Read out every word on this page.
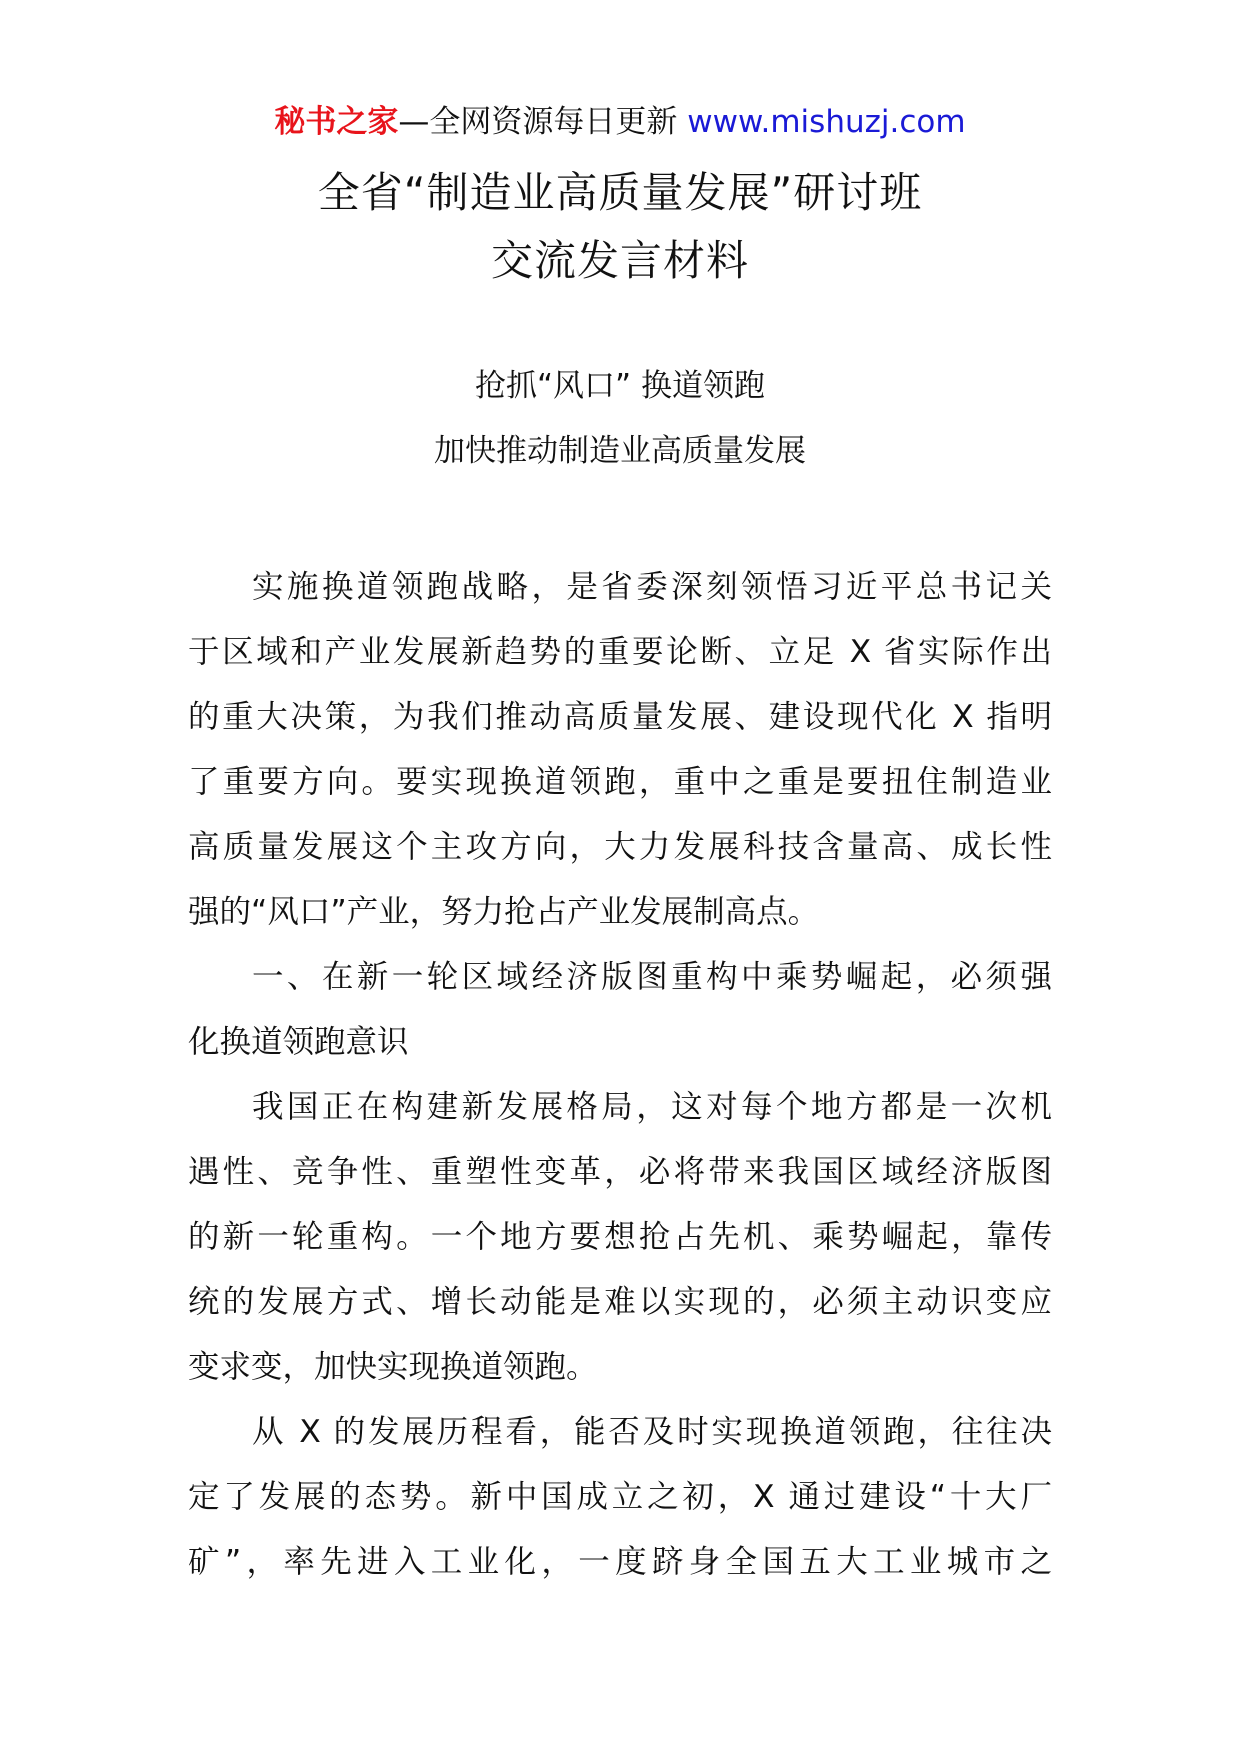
秘书之家—全网资源每日更新 www.mishuzj.com
全省“制造业高质量发展”研讨班
交流发言材料
抢抓“风口” 换道领跑
加快推动制造业高质量发展
实施换道领跑战略，是省委深刻领悟习近平总书记关
于区域和产业发展新趋势的重要论断、立足 X 省实际作出
的重大决策，为我们推动高质量发展、建设现代化 X 指明
了重要方向。要实现换道领跑，重中之重是要扭住制造业
高质量发展这个主攻方向，大力发展科技含量高、成长性
强的“风口”产业，努力抢占产业发展制高点。
一、在新一轮区域经济版图重构中乘势崛起，必须强
化换道领跑意识
我国正在构建新发展格局，这对每个地方都是一次机
遇性、竞争性、重塑性变革，必将带来我国区域经济版图
的新一轮重构。一个地方要想抢占先机、乘势崛起，靠传
统的发展方式、增长动能是难以实现的，必须主动识变应
变求变，加快实现换道领跑。
从 X 的发展历程看，能否及时实现换道领跑，往往决
定了发展的态势。新中国成立之初，X 通过建设“十大厂
矿”，率先进入工业化，一度跻身全国五大工业城市之
